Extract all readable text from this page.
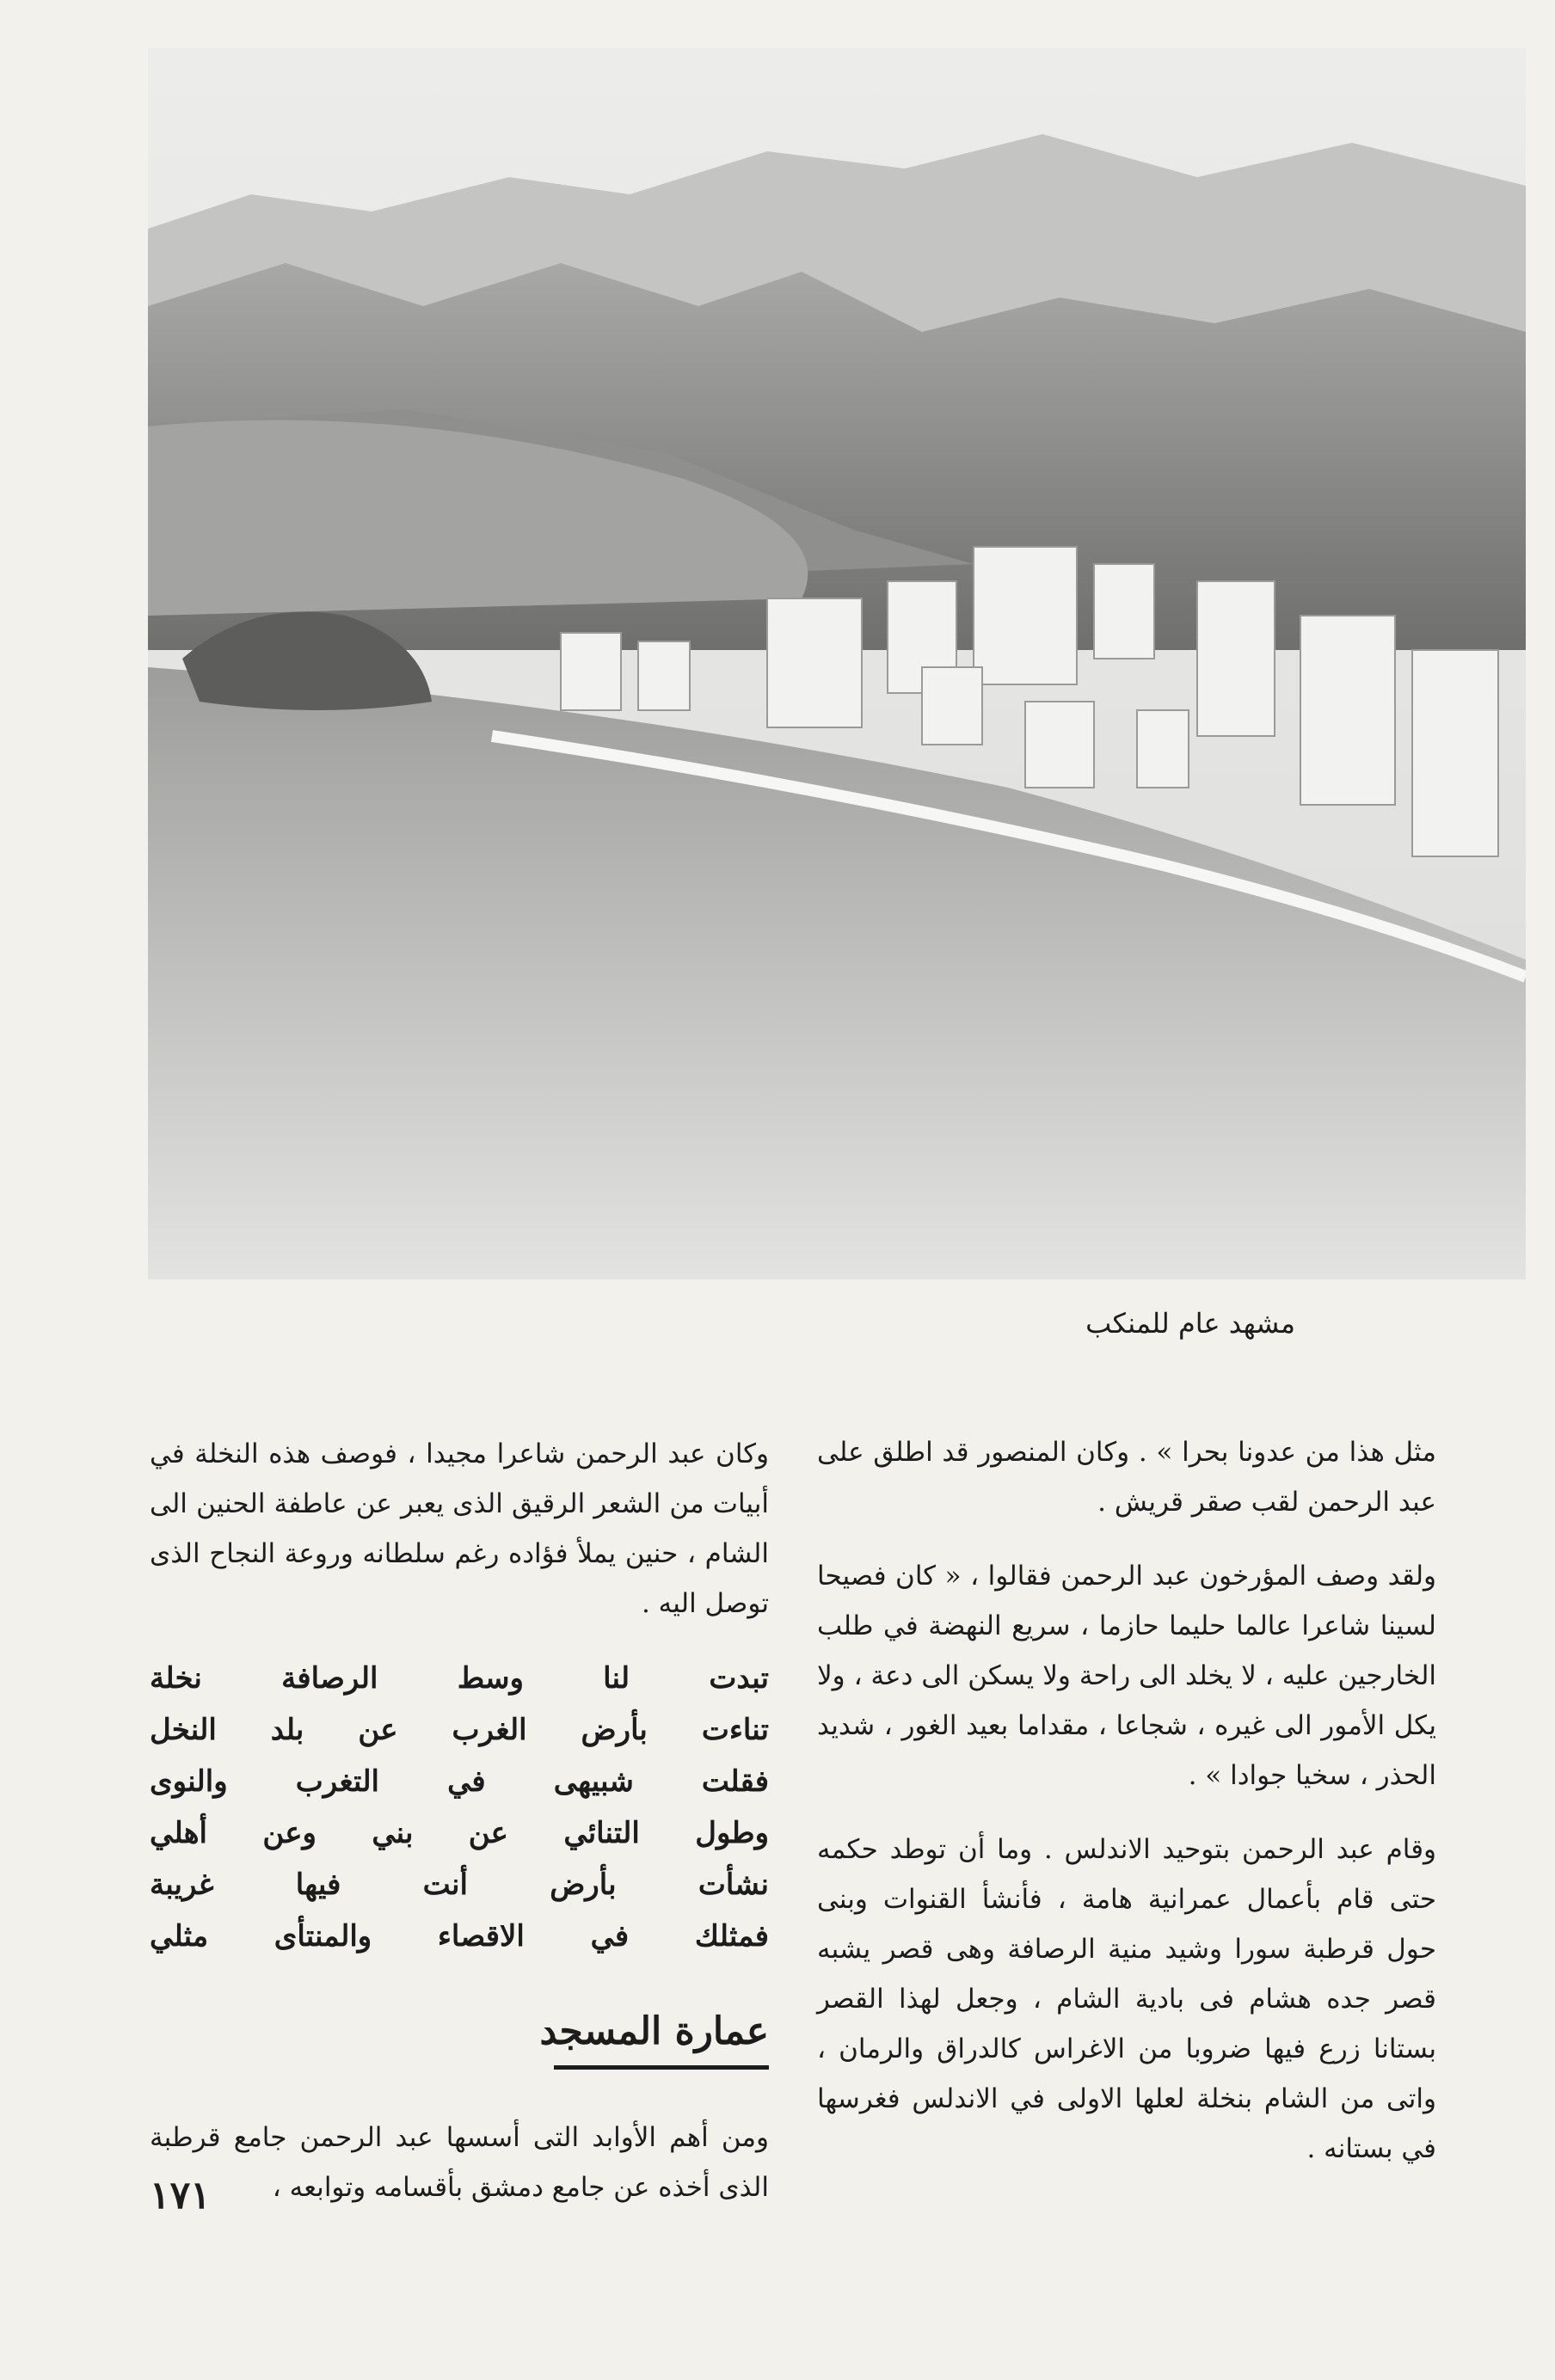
مشهد عام للمنكب

مثل هذا من عدونا بحرا » . وكان المنصور قد اطلق على عبد الرحمن لقب صقر قريش .

ولقد وصف المؤرخون عبد الرحمن فقالوا ، « كان فصيحا لسينا شاعرا عالما حليما حازما ، سريع النهضة في طلب الخارجين عليه ، لا يخلد الى راحة ولا يسكن الى دعة ، ولا يكل الأمور الى غيره ، شجاعا ، مقداما بعيد الغور ، شديد الحذر ، سخيا جوادا » .

وقام عبد الرحمن بتوحيد الاندلس . وما أن توطد حكمه حتى قام بأعمال عمرانية هامة ، فأنشأ القنوات وبنى حول قرطبة سورا وشيد منية الرصافة وهى قصر يشبه قصر جده هشام فى بادية الشام ، وجعل لهذا القصر بستانا زرع فيها ضروبا من الاغراس كالدراق والرمان ، واتى من الشام بنخلة لعلها الاولى في الاندلس فغرسها في بستانه .

وكان عبد الرحمن شاعرا مجيدا ، فوصف هذه النخلة في أبيات من الشعر الرقيق الذى يعبر عن عاطفة الحنين الى الشام ، حنين يملأ فؤاده رغم سلطانه وروعة النجاح الذى توصل اليه .

تبدت لنا وسط الرصافة نخلة
تناءت بأرض الغرب عن بلد النخل
فقلت شبيهى في التغرب والنوى
وطول التنائي عن بني وعن أهلي
نشأت بأرض أنت فيها غريبة
فمثلك في الاقصاء والمنتأى مثلي
عمارة المسجد

ومن أهم الأوابد التى أسسها عبد الرحمن جامع قرطبة الذى أخذه عن جامع دمشق بأقسامه وتوابعه ،

١٧١
